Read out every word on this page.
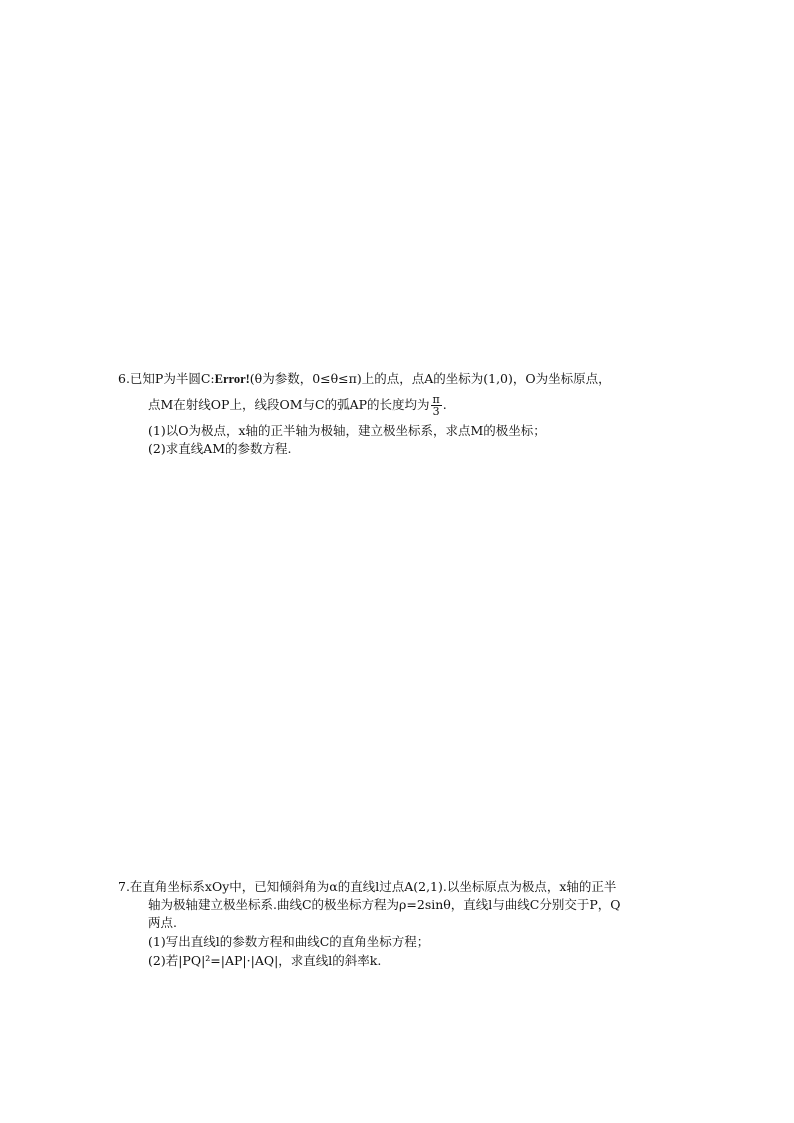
6.已知P为半圆C:Error!(θ为参数，0≤θ≤π)上的点，点A的坐标为(1,0)，O为坐标原点，
点M在射线OP上，线段OM与C的弧AP的长度均为 $\frac{\pi}{3}$ .
(1)以O为极点，x轴的正半轴为极轴，建立极坐标系，求点M的极坐标；
(2)求直线AM的参数方程.
7.在直角坐标系xOy中，已知倾斜角为α的直线l过点A(2,1).以坐标原点为极点，x轴的正半
轴为极轴建立极坐标系.曲线C的极坐标方程为ρ=2sinθ，直线l与曲线C分别交于P，Q
两点.
(1)写出直线l的参数方程和曲线C的直角坐标方程；
(2)若|PQ|²=|AP|·|AQ|，求直线l的斜率k.
